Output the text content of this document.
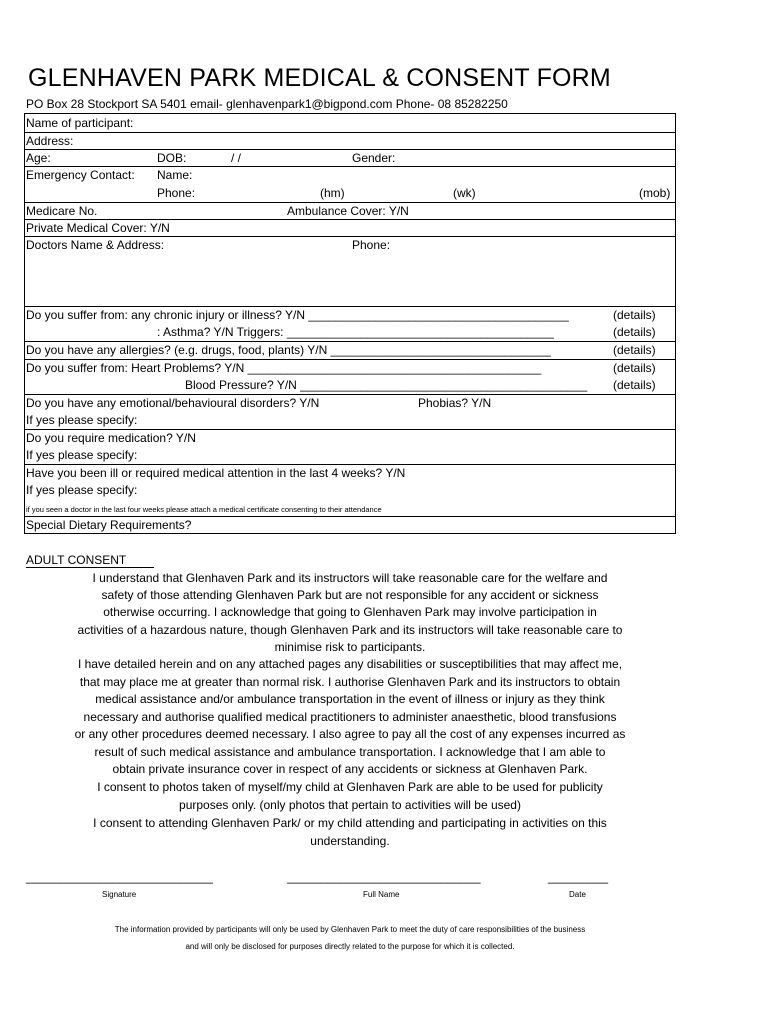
GLENHAVEN PARK MEDICAL & CONSENT FORM
PO Box 28 Stockport SA 5401 email- glenhavenpark1@bigpond.com Phone- 08 85282250
Name of participant:
Address:
Age:	DOB:	/ /	Gender:
Emergency Contact: Name:
Phone:	(hm)	(wk)	(mob)
Medicare No.	Ambulance Cover: Y/N
Private Medical Cover: Y/N
Doctors Name & Address:	Phone:
Do you suffer from: any chronic injury or illness? Y/N _______________________________________	(details)
: Asthma? Y/N Triggers: ________________________________________	(details)
Do you have any allergies? (e.g. drugs, food, plants) Y/N _________________________________	(details)
Do you suffer from: Heart Problems? Y/N ____________________________________________	(details)
Blood Pressure? Y/N ___________________________________________ (details)
Do you have any emotional/behavioural disorders? Y/N	Phobias? Y/N
If yes please specify:
Do you require medication? Y/N
If yes please specify:
Have you been ill or required medical attention in the last 4 weeks? Y/N
If yes please specify:
if you seen a doctor in the last four weeks please attach a medical certificate consenting to their attendance
Special Dietary Requirements?
ADULT CONSENT
I understand that Glenhaven Park and its instructors will take reasonable care for the welfare and
safety of those attending Glenhaven Park but are not responsible for any accident or sickness
otherwise occurring. I acknowledge that going to Glenhaven Park may involve participation in
activities of a hazardous nature, though Glenhaven Park and its instructors will take reasonable care to
minimise risk to participants.
I have detailed herein and on any attached pages any disabilities or susceptibilities that may affect me,
that may place me at greater than normal risk. I authorise Glenhaven Park and its instructors to obtain
medical assistance and/or ambulance transportation in the event of illness or injury as they think
necessary and authorise qualified medical practitioners to administer anaesthetic, blood transfusions
or any other procedures deemed necessary. I also agree to pay all the cost of any expenses incurred as
result of such medical assistance and ambulance transportation. I acknowledge that I am able to
obtain private insurance cover in respect of any accidents or sickness at Glenhaven Park.
I consent to photos taken of myself/my child at Glenhaven Park are able to be used for publicity
purposes only. (only photos that pertain to activities will be used)
I consent to attending Glenhaven Park/ or my child attending and participating in activities on this
understanding.
____________________________	_____________________________	_________
Signature	Full Name	Date
The information provided by participants will only be used by Glenhaven Park to meet the duty of care responsibilities of the business
and will only be disclosed for purposes directly related to the purpose for which it is collected.
